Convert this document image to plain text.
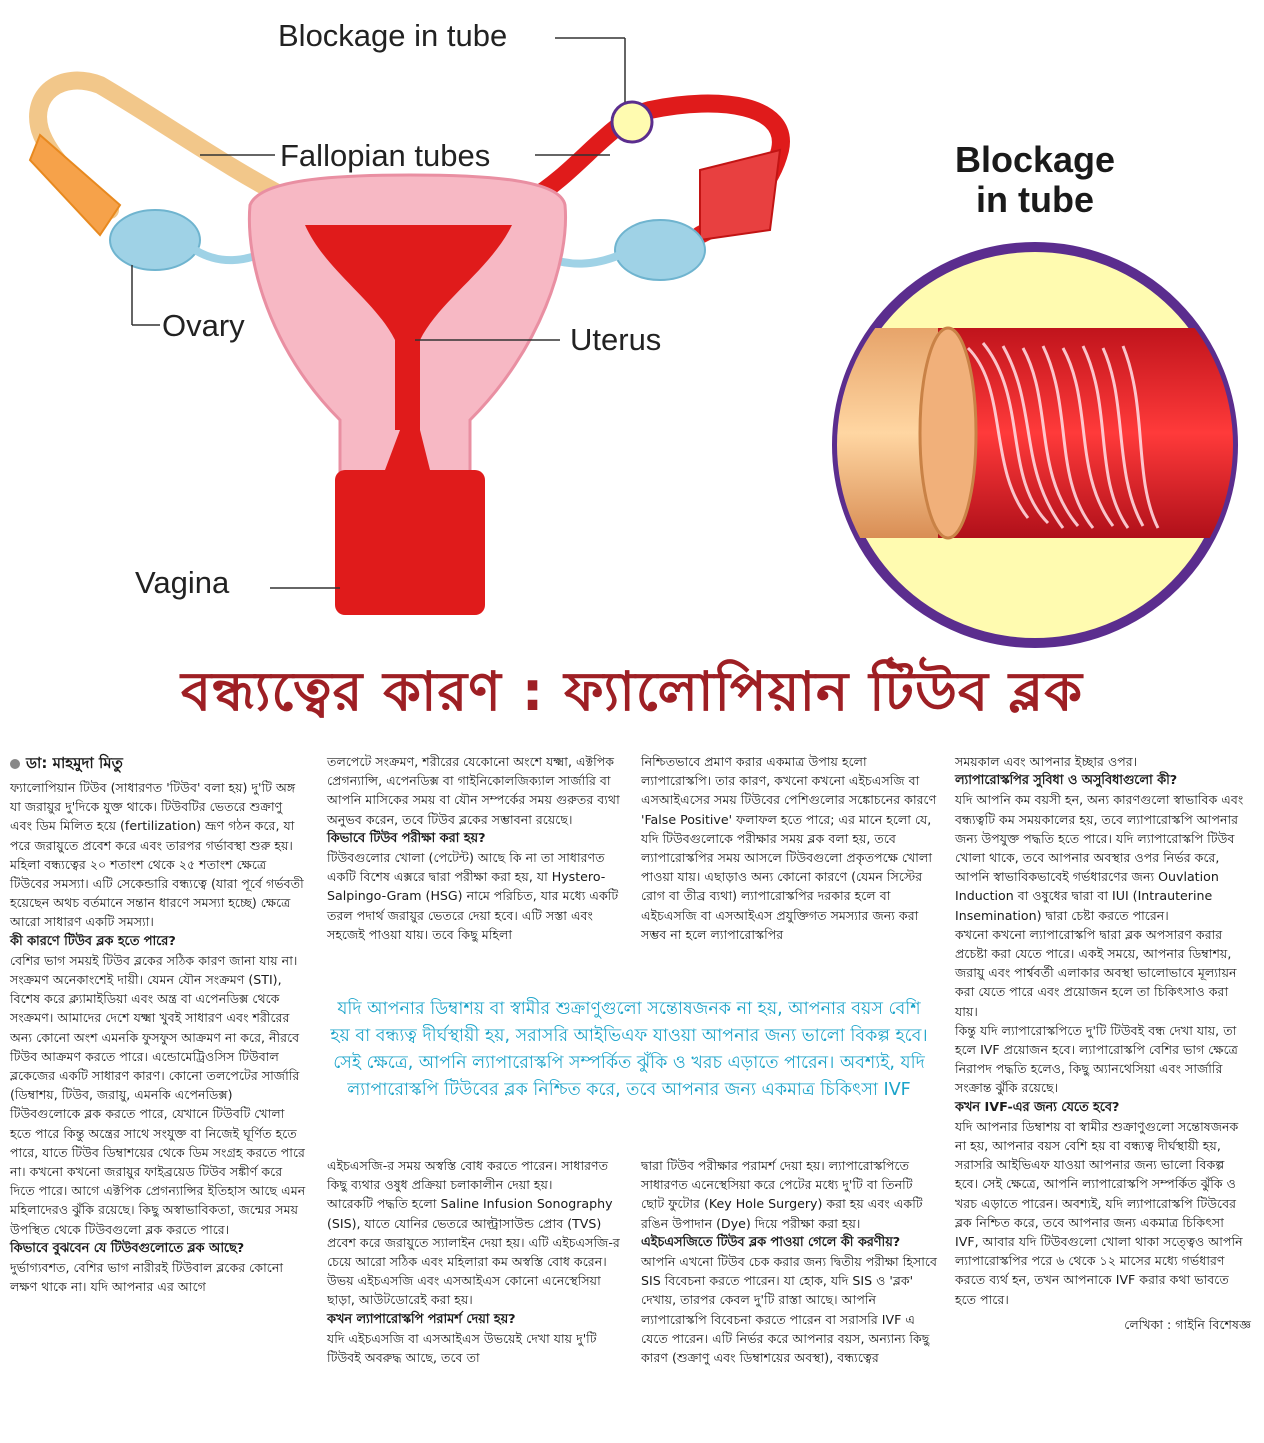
Blockage in tube
Fallopian tubes
Ovary	Uterus
Vagina
Blockage
in tube
বন্ধ্যত্বের কারণ : ফ্যালোপিয়ান টিউব ব্লক

ডা: মাহমুদা মিতু

ফ্যালোপিয়ান টিউব (সাধারণত 'টিউব' বলা হয়) দু'টি অঙ্গ যা জরায়ুর দু'দিকে যুক্ত থাকে। টিউবটির ভেতরে শুক্রাণু এবং ডিম মিলিত হয়ে (fertilization) ভ্রূণ গঠন করে, যা পরে জরায়ুতে প্রবেশ করে এবং তারপর গর্ভাবস্থা শুরু হয়। মহিলা বন্ধ্যত্বের ২০ শতাংশ থেকে ২৫ শতাংশ ক্ষেত্রে টিউবের সমস্যা। এটি সেকেন্ডারি বন্ধ্যত্বে (যারা পূর্বে গর্ভবতী হয়েছেন অথচ বর্তমানে সন্তান ধারণে সমস্যা হচ্ছে) ক্ষেত্রে আরো সাধারণ একটি সমস্যা।

কী কারণে টিউব ব্লক হতে পারে?

বেশির ভাগ সময়ই টিউব ব্লকের সঠিক কারণ জানা যায় না। সংক্রমণ অনেকাংশেই দায়ী। যেমন যৌন সংক্রমণ (STI), বিশেষ করে ক্ল্যামাইডিয়া এবং অন্ত্র বা এপেনডিক্স থেকে সংক্রমণ। আমাদের দেশে যক্ষ্মা খুবই সাধারণ এবং শরীরের অন্য কোনো অংশ এমনকি ফুসফুস আক্রমণ না করে, নীরবে টিউব আক্রমণ করতে পারে। এন্ডোমেট্রিওসিস টিউবাল ব্লকেজের একটি সাধারণ কারণ। কোনো তলপেটের সার্জারি (ডিম্বাশয়, টিউব, জরায়ু, এমনকি এপেনডিক্স) টিউবগুলোকে ব্লক করতে পারে, যেখানে টিউবটি খোলা হতে পারে কিন্তু অন্ত্রের সাথে সংযুক্ত বা নিজেই ঘূর্ণিত হতে পারে, যাতে টিউব ডিম্বাশয়ের থেকে ডিম সংগ্রহ করতে পারে না। কখনো কখনো জরায়ুর ফাইব্রয়েড টিউব সঙ্কীর্ণ করে দিতে পারে। আগে এক্টপিক প্রেগন্যান্সির ইতিহাস আছে এমন মহিলাদেরও ঝুঁকি রয়েছে। কিছু অস্বাভাবিকতা, জন্মের সময় উপস্থিত থেকে টিউবগুলো ব্লক করতে পারে।

কিভাবে বুঝবেন যে টিউবগুলোতে ব্লক আছে?

দুর্ভাগ্যবশত, বেশির ভাগ নারীরই টিউবাল ব্লকের কোনো লক্ষণ থাকে না। যদি আপনার এর আগে

তলপেটে সংক্রমণ, শরীরের যেকোনো অংশে যক্ষ্মা, এক্টপিক প্রেগন্যান্সি, এপেনডিক্স বা গাইনিকোলজিক্যাল সার্জারি বা আপনি মাসিকের সময় বা যৌন সম্পর্কের সময় গুরুতর ব্যথা অনুভব করেন, তবে টিউব ব্লকের সম্ভাবনা রয়েছে।

কিভাবে টিউব পরীক্ষা করা হয়?

টিউবগুলোর খোলা (পেটেন্ট) আছে কি না তা সাধারণত একটি বিশেষ এক্সরে দ্বারা পরীক্ষা করা হয়, যা Hystero-Salpingo-Gram (HSG) নামে পরিচিত, যার মধ্যে একটি তরল পদার্থ জরায়ুর ভেতরে দেয়া হবে। এটি সস্তা এবং সহজেই পাওয়া যায়। তবে কিছু মহিলা

এইচএসজি-র সময় অস্বস্তি বোধ করতে পারেন। সাধারণত কিছু ব্যথার ওষুধ প্রক্রিয়া চলাকালীন দেয়া হয়।

আরেকটি পদ্ধতি হলো Saline Infusion Sonography (SIS), যাতে যোনির ভেতরে আল্ট্রাসাউন্ড প্রোব (TVS) প্রবেশ করে জরায়ুতে স্যালাইন দেয়া হয়। এটি এইচএসজি-র চেয়ে আরো সঠিক এবং মহিলারা কম অস্বস্তি বোধ করেন।

উভয় এইচএসজি এবং এসআইএস কোনো এনেস্থেসিয়া ছাড়া, আউটডোরেই করা হয়।

কখন ল্যাপারোস্কপি পরামর্শ দেয়া হয়?

যদি এইচএসজি বা এসআইএস উভয়েই দেখা যায় দু'টি টিউবই অবরুদ্ধ আছে, তবে তা

নিশ্চিতভাবে প্রমাণ করার একমাত্র উপায় হলো ল্যাপারোস্কপি। তার কারণ, কখনো কখনো এইচএসজি বা এসআইএসের সময় টিউবের পেশিগুলোর সঙ্কোচনের কারণে 'False Positive' ফলাফল হতে পারে; এর মানে হলো যে, যদি টিউবগুলোকে পরীক্ষার সময় ব্লক বলা হয়, তবে ল্যাপারোস্কপির সময় আসলে টিউবগুলো প্রকৃতপক্ষে খোলা পাওয়া যায়। এছাড়াও অন্য কোনো কারণে (যেমন সিস্টের রোগ বা তীব্র ব্যথা) ল্যাপারোস্কপির দরকার হলে বা এইচএসজি বা এসআইএস প্রযুক্তিগত সমস্যার জন্য করা সম্ভব না হলে ল্যাপারোস্কপির

দ্বারা টিউব পরীক্ষার পরামর্শ দেয়া হয়। ল্যাপারোস্কপিতে সাধারণত এনেস্থেসিয়া করে পেটের মধ্যে দু'টি বা তিনটি ছোট ফুটোর (Key Hole Surgery) করা হয় এবং একটি রঙিন উপাদান (Dye) দিয়ে পরীক্ষা করা হয়।

এইচএসজিতে টিউব ব্লক পাওয়া গেলে কী করণীয়?

আপনি এখনো টিউব চেক করার জন্য দ্বিতীয় পরীক্ষা হিসাবে SIS বিবেচনা করতে পারেন। যা হোক, যদি SIS ও 'ব্লক' দেখায়, তারপর কেবল দু'টি রাস্তা আছে। আপনি ল্যাপারোস্কপি বিবেচনা করতে পারেন বা সরাসরি IVF এ যেতে পারেন। এটি নির্ভর করে আপনার বয়স, অন্যান্য কিছু কারণ (শুক্রাণু এবং ডিম্বাশয়ের অবস্থা), বন্ধ্যত্বের

যদি আপনার ডিম্বাশয় বা স্বামীর শুক্রাণুগুলো সন্তোষজনক না হয়, আপনার বয়স বেশি হয় বা বন্ধ্যত্ব দীর্ঘস্থায়ী হয়, সরাসরি আইভিএফ যাওয়া আপনার জন্য ভালো বিকল্প হবে। সেই ক্ষেত্রে, আপনি ল্যাপারোস্কপি সম্পর্কিত ঝুঁকি ও খরচ এড়াতে পারেন। অবশ্যই, যদি ল্যাপারোস্কপি টিউবের ব্লক নিশ্চিত করে, তবে আপনার জন্য একমাত্র চিকিৎসা IVF

সময়কাল এবং আপনার ইচ্ছার ওপর।

ল্যাপারোস্কপির সুবিধা ও অসুবিধাগুলো কী?

যদি আপনি কম বয়সী হন, অন্য কারণগুলো স্বাভাবিক এবং বন্ধ্যত্বটি কম সময়কালের হয়, তবে ল্যাপারোস্কপি আপনার জন্য উপযুক্ত পদ্ধতি হতে পারে। যদি ল্যাপারোস্কপি টিউব খোলা থাকে, তবে আপনার অবস্থার ওপর নির্ভর করে, আপনি স্বাভাবিকভাবেই গর্ভধারণের জন্য Ouvlation Induction বা ওষুধের দ্বারা বা IUI (Intrauterine Insemination) দ্বারা চেষ্টা করতে পারেন।

কখনো কখনো ল্যাপারোস্কপি দ্বারা ব্লক অপসারণ করার প্রচেষ্টা করা যেতে পারে। একই সময়ে, আপনার ডিম্বাশয়, জরায়ু এবং পার্শ্ববর্তী এলাকার অবস্থা ভালোভাবে মূল্যায়ন করা যেতে পারে এবং প্রয়োজন হলে তা চিকিৎসাও করা যায়।

কিন্তু যদি ল্যাপারোস্কপিতে দু'টি টিউবই বন্ধ দেখা যায়, তা হলে IVF প্রয়োজন হবে। ল্যাপারোস্কপি বেশির ভাগ ক্ষেত্রে নিরাপদ পদ্ধতি হলেও, কিছু অ্যানথেসিয়া এবং সার্জারি সংক্রান্ত ঝুঁকি রয়েছে।

কখন IVF-এর জন্য যেতে হবে?

যদি আপনার ডিম্বাশয় বা স্বামীর শুক্রাণুগুলো সন্তোষজনক না হয়, আপনার বয়স বেশি হয় বা বন্ধ্যত্ব দীর্ঘস্থায়ী হয়, সরাসরি আইভিএফ যাওয়া আপনার জন্য ভালো বিকল্প হবে। সেই ক্ষেত্রে, আপনি ল্যাপারোস্কপি সম্পর্কিত ঝুঁকি ও খরচ এড়াতে পারেন। অবশ্যই, যদি ল্যাপারোস্কপি টিউবের ব্লক নিশ্চিত করে, তবে আপনার জন্য একমাত্র চিকিৎসা IVF, আবার যদি টিউবগুলো খোলা থাকা সত্ত্বেও আপনি ল্যাপারোস্কপির পরে ৬ থেকে ১২ মাসের মধ্যে গর্ভধারণ করতে ব্যর্থ হন, তখন আপনাকে IVF করার কথা ভাবতে হতে পারে।

লেখিকা : গাইনি বিশেষজ্ঞ
